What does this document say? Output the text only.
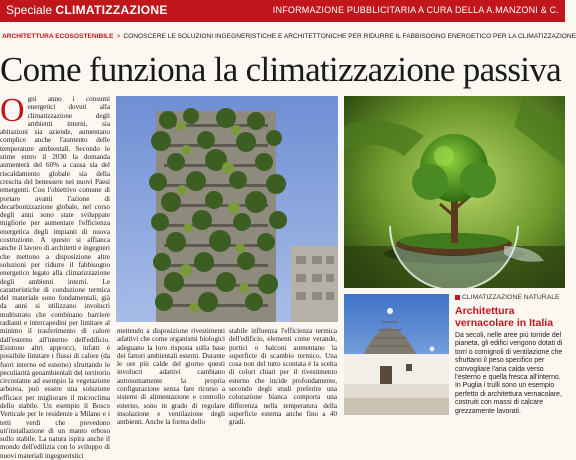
Speciale CLIMATIZZAZIONE	INFORMAZIONE PUBBLICITARIA A CURA DELLA A.MANZONI & C.
ARCHITETTURA ECOSOSTENIBILE > CONOSCERE LE SOLUZIONI INGEGNERISTICHE E ARCHITETTONICHE PER RIDURRE IL FABBISOGNO ENERGETICO PER LA CLIMATIZZAZIONE
Come funziona la climatizzazione passiva
Ogni anno i consumi energetici dovuti alla climatizzazione degli ambienti interni, sia abitazioni sia aziende, aumentano complice anche l'aumento delle temperature ambientali. Secondo le stime entro il 2030 la domanda aumenterà del 60% a causa sia del riscaldamento globale sia della crescita del benessere nei nuovi Paesi emergenti. Con l'obiettivo comune di portare avanti l'azione di decarbonizzazione globale, nel corso degli anni sono state sviluppate migliorie per aumentare l'efficienza energetica degli impianti di nuova costruzione. A questo si affianca anche il lavoro di architetti e ingegneri che mettono a disposizione altre soluzioni per ridurre il fabbisogno energetico legato alla climatizzazione degli ambienti interni. Le caratteristiche di conduzione termica del materiale sono fondamentali, già da anni si utilizzano involucri multistrato che combinano barriere radianti e intercapedini per limitare al minimo il trasferimento di calore dall'esterno all'interno dell'edificio. Esistono altri approcci, infatti è possibile limitare i flussi di calore (da fuori interno ed esterno) sfruttando le peculiarità geoambientali del territorio circostante ad esempio la vegetazione arborea, può essere una soluzione efficace per migliorare il microclima dello stabile. Un esempio il Bosco Verticale per le residenze a Milano e i tetti verdi che prevedono un'installazione di un manto erboso sullo stabile. La natura ispira anche il mondo dell'edilizia con lo sviluppo di nuovi materiali ingegneristici
mettendo a disposizione rivestimenti adattivi che come organismi biologici adeguano la loro risposta sulla base dei fattori ambientali esterni. Durante le ore più calde del giorno questi involucri adattivi cambiano autonomamente la propria configurazione senza fare ricorso a sistemi di alimentazione e controllo esterno, sono in grado di regolare insolazione e ventilazione degli ambienti. Anche la forma dello
stabile influenza l'efficienza termica dell'edificio, elementi come verande, portici o balconi aumentano la superficie di scambio termico. Una cosa non del tutto scontata è la scelta di colori chiari per il rivestimento esterno che incide profondamente, secondo degli studi preferire una colorazione bianca comporta una differenza nella temperatura della superficie esterna anche fino a 40 gradi.
CLIMATIZZAZIONE NATURALE
Architettura vernacolare in Italia
Da secoli, nelle aree più torride del pianeta, gli edifici vengono dotati di torri o comignoli di ventilazione che sfruttano il peso specifico per convogliare l'aria calda verso l'esterno e quella fresca all'interno. In Puglia i trulli sono un esempio perfetto di architettura vernacolare, costruiti con massi di calcare grezzamente lavorati.
